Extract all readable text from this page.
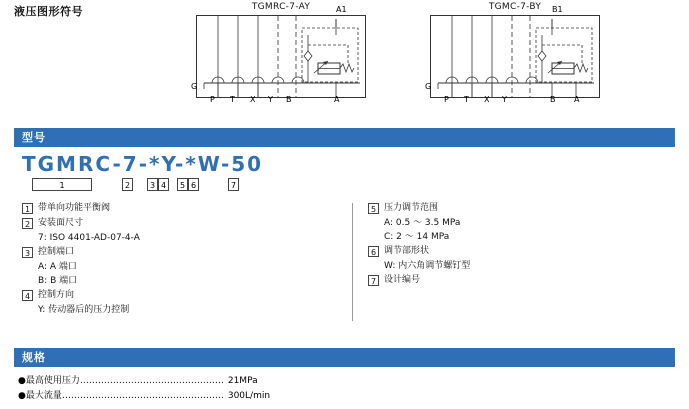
液压图形符号	TGMRC-7-AY	A1
G
P T X Y B	A
TGMC-7-BY	B1
G
P T X Y	B A
型号
TGMRC-7-*Y-*W-50
1	2	3 4	5 6	7
1 带单向功能平衡阀
2 安装面尺寸
7: ISO 4401-AD-07-4-A
3 控制端口
A: A 端口
B: B 端口
4 控制方向
Y: 传动器后的压力控制
5 压力调节范围
A: 0.5 ～ 3.5 MPa
C: 2 ～ 14 MPa
6 调节部形状
W: 内六角调节螺钉型
7 设计编号
规格
●最高使用压力………………………………………… 21MPa
●最大流量……………………………………………… 300L/min
